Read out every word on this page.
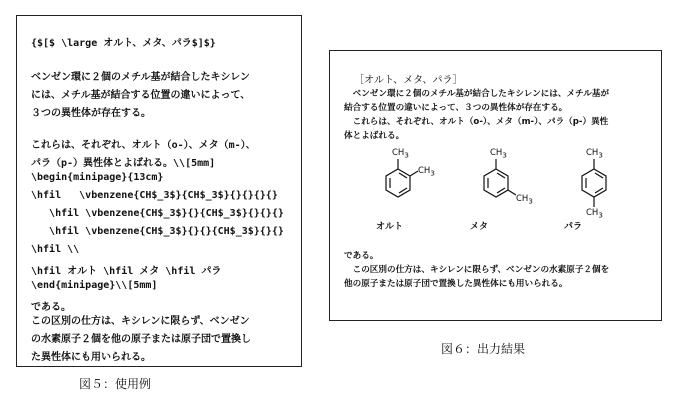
{$[$ \large オルト、メタ、パラ$]$}
ベンゼン環に２個のメチル基が結合したキシレン
には、メチル基が結合する位置の違いによって、
３つの異性体が存在する。
これらは、それぞれ、オルト（o-）、メタ（m-）、
パラ（p-）異性体とよばれる。\\[5mm]
\begin{minipage}{13cm}
\hfil   \vbenzene{CH$_3$}{CH$_3$}{}{}{}{}
\hfil \vbenzene{CH$_3$}{}{CH$_3$}{}{}{}
\hfil \vbenzene{CH$_3$}{}{}{CH$_3$}{}{}
\hfil \\
\hfil オルト \hfil メタ \hfil パラ
\end{minipage}\\[5mm]
である。
この区別の仕方は、キシレンに限らず、ベンゼン
の水素原子２個を他の原子または原子団で置換し
た異性体にも用いられる。
図５：使用例
［オルト、メタ、パラ］
　ベンゼン環に２個のメチル基が結合したキシレンには、メチル基が
結合する位置の違いによって、３つの異性体が存在する。
　これらは、それぞれ、オルト（o-）、メタ（m-）、パラ（p-）異性
体とよばれる。
$CH_3$
$CH_3$
オルト
$CH_3$
$CH_3$
メタ
$CH_3$
$CH_3$
パラ
である。
　この区別の仕方は、キシレンに限らず、ベンゼンの水素原子２個を
他の原子または原子団で置換した異性体にも用いられる。
図６：出力結果
